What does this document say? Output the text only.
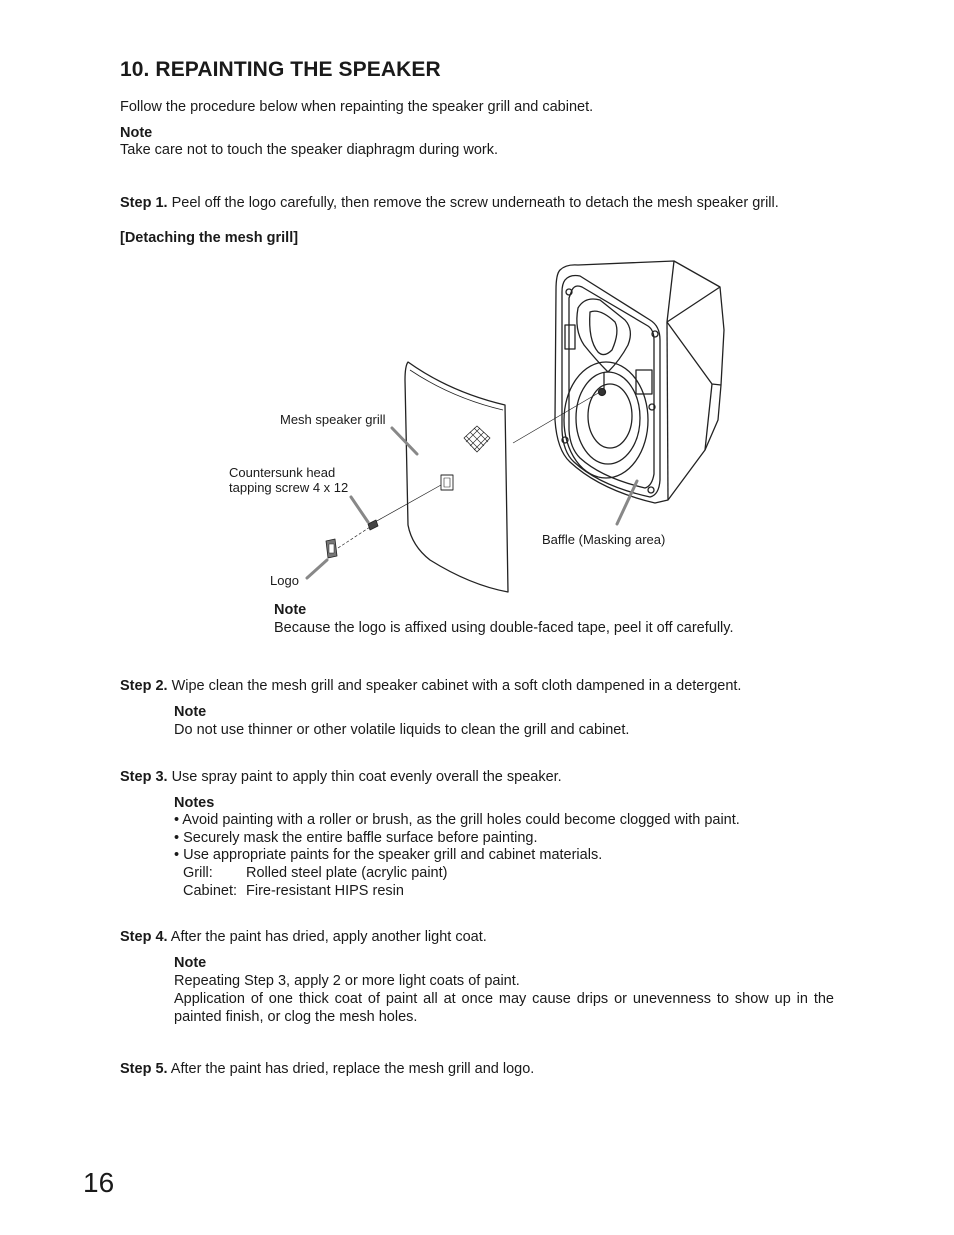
10. REPAINTING THE SPEAKER
Follow the procedure below when repainting the speaker grill and cabinet.
Note
Take care not to touch the speaker diaphragm during work.
Step 1. Peel off the logo carefully, then remove the screw underneath to detach the mesh speaker grill.
[Detaching the mesh grill]
Mesh speaker grill
Countersunk head
tapping screw 4 x 12
Logo
Baffle (Masking area)
Note
Because the logo is affixed using double-faced tape, peel it off carefully.
Step 2. Wipe clean the mesh grill and speaker cabinet with a soft cloth dampened in a detergent.
Note
Do not use thinner or other volatile liquids to clean the grill and cabinet.
Step 3. Use spray paint to apply thin coat evenly overall the speaker.
Notes
• Avoid painting with a roller or brush, as the grill holes could become clogged with paint.
• Securely mask the entire baffle surface before painting.
• Use appropriate paints for the speaker grill and cabinet materials.
Grill:	Rolled steel plate (acrylic paint)
Cabinet: Fire-resistant HIPS resin
Step 4. After the paint has dried, apply another light coat.
Note
Repeating Step 3, apply 2 or more light coats of paint.
Application of one thick coat of paint all at once may cause drips or unevenness to show up in the painted finish, or clog the mesh holes.
Step 5. After the paint has dried, replace the mesh grill and logo.
16
